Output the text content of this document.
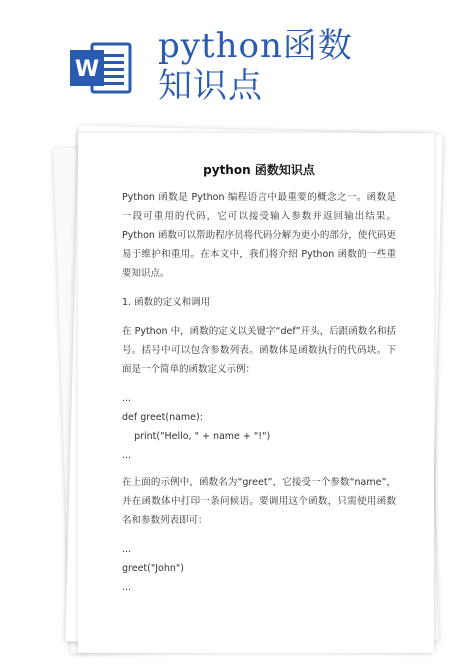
W
python函数
知识点
python 函数知识点
Python 函数是 Python 编程语言中最重要的概念之一。函数是一段可重用的代码，它可以接受输入参数并返回输出结果。 Python 函数可以帮助程序员将代码分解为更小的部分，使代码更易于维护和重用。在本文中，我们将介绍 Python 函数的一些重要知识点。
1. 函数的定义和调用
在 Python 中，函数的定义以关键字“def”开头，后跟函数名和括号。括号中可以包含参数列表。函数体是函数执行的代码块。下面是一个简单的函数定义示例：
...
def greet(name):
print("Hello, " + name + "!")
...
在上面的示例中，函数名为“greet”，它接受一个参数“name”，并在函数体中打印一条问候语。要调用这个函数，只需使用函数名和参数列表即可：
...
greet("John")
...
